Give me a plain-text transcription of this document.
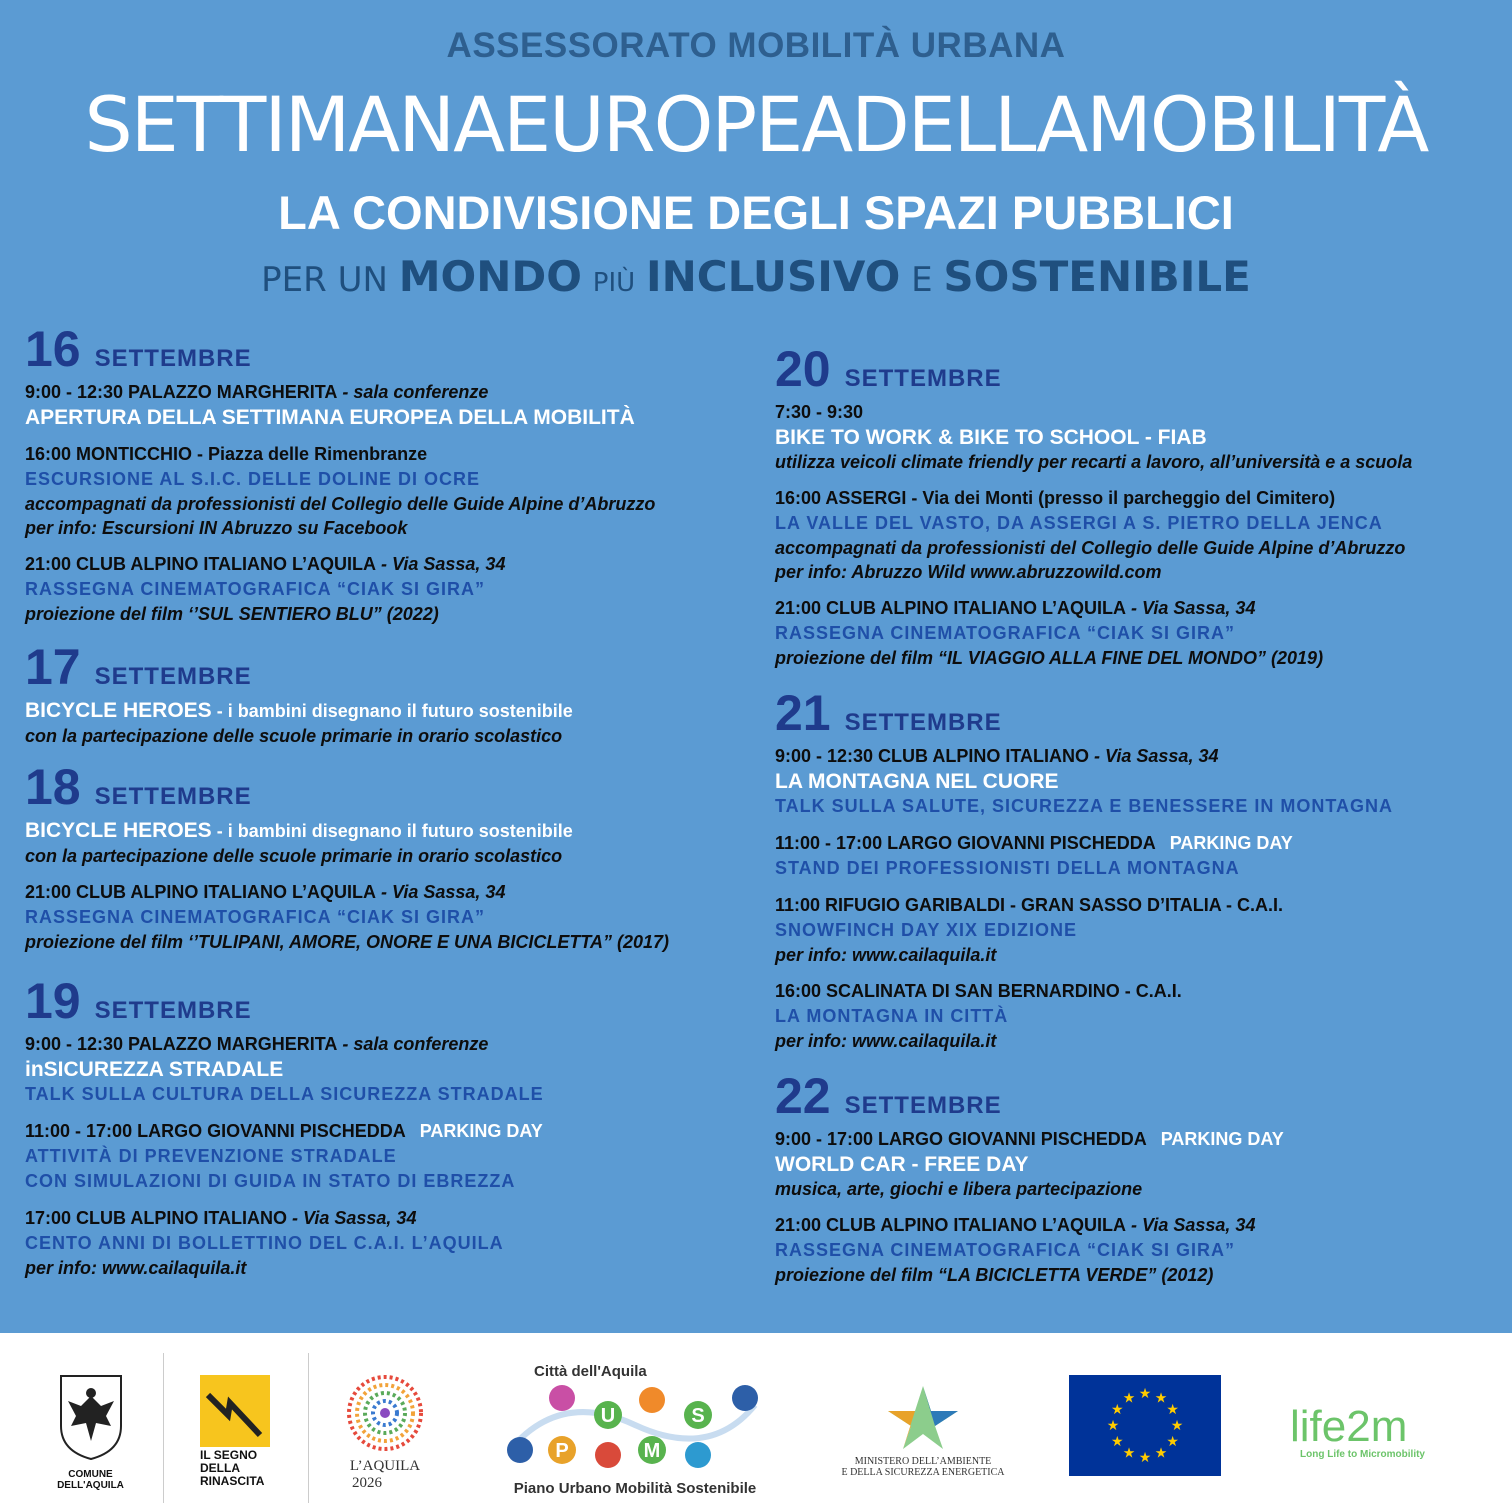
ASSESSORATO MOBILITÀ URBANA
SETTIMANAEUROPEADELLAMOBILITÀ
LA CONDIVISIONE DEGLI SPAZI PUBBLICI
PER UN MONDO PIÙ INCLUSIVO E SOSTENIBILE
16 SETTEMBRE
9:00 - 12:30 PALAZZO MARGHERITA - sala conferenze
APERTURA DELLA SETTIMANA EUROPEA DELLA MOBILITÀ
16:00 MONTICCHIO - Piazza delle Rimenbranze
ESCURSIONE AL S.I.C. DELLE DOLINE DI OCRE
accompagnati da professionisti del Collegio delle Guide Alpine d’Abruzzo
per info: Escursioni IN Abruzzo su Facebook
21:00 CLUB ALPINO ITALIANO L’AQUILA - Via Sassa, 34
RASSEGNA CINEMATOGRAFICA “CIAK SI GIRA”
proiezione del film ‘’SUL SENTIERO BLU” (2022)
17 SETTEMBRE
BICYCLE HEROES - i bambini disegnano il futuro sostenibile
con la partecipazione delle scuole primarie in orario scolastico
18 SETTEMBRE
BICYCLE HEROES - i bambini disegnano il futuro sostenibile
con la partecipazione delle scuole primarie in orario scolastico
21:00 CLUB ALPINO ITALIANO L’AQUILA - Via Sassa, 34
RASSEGNA CINEMATOGRAFICA “CIAK SI GIRA”
proiezione del film ‘’TULIPANI, AMORE, ONORE E UNA BICICLETTA” (2017)
19 SETTEMBRE
9:00 - 12:30 PALAZZO MARGHERITA - sala conferenze
inSICUREZZA STRADALE
TALK SULLA CULTURA DELLA SICUREZZA STRADALE
11:00 - 17:00 LARGO GIOVANNI PISCHEDDA PARKING DAY
ATTIVITÀ DI PREVENZIONE STRADALE
CON SIMULAZIONI DI GUIDA IN STATO DI EBREZZA
17:00 CLUB ALPINO ITALIANO - Via Sassa, 34
CENTO ANNI DI BOLLETTINO DEL C.A.I. L’AQUILA
per info: www.cailaquila.it
20 SETTEMBRE
7:30 - 9:30
BIKE TO WORK & BIKE TO SCHOOL - FIAB
utilizza veicoli climate friendly per recarti a lavoro, all’università e a scuola
16:00 ASSERGI - Via dei Monti (presso il parcheggio del Cimitero)
LA VALLE DEL VASTO, DA ASSERGI A S. PIETRO DELLA JENCA
accompagnati da professionisti del Collegio delle Guide Alpine d’Abruzzo
per info: Abruzzo Wild www.abruzzowild.com
21:00 CLUB ALPINO ITALIANO L’AQUILA - Via Sassa, 34
RASSEGNA CINEMATOGRAFICA “CIAK SI GIRA”
proiezione del film “IL VIAGGIO ALLA FINE DEL MONDO” (2019)
21 SETTEMBRE
9:00 - 12:30 CLUB ALPINO ITALIANO - Via Sassa, 34
LA MONTAGNA NEL CUORE
TALK SULLA SALUTE, SICUREZZA E BENESSERE IN MONTAGNA
11:00 - 17:00 LARGO GIOVANNI PISCHEDDA PARKING DAY
STAND DEI PROFESSIONISTI DELLA MONTAGNA
11:00 RIFUGIO GARIBALDI - GRAN SASSO D’ITALIA - C.A.I.
SNOWFINCH DAY XIX EDIZIONE
per info: www.cailaquila.it
16:00 SCALINATA DI SAN BERNARDINO - C.A.I.
LA MONTAGNA IN CITTÀ
per info: www.cailaquila.it
22 SETTEMBRE
9:00 - 17:00 LARGO GIOVANNI PISCHEDDA PARKING DAY
WORLD CAR - FREE DAY
musica, arte, giochi e libera partecipazione
21:00 CLUB ALPINO ITALIANO L’AQUILA - Via Sassa, 34
RASSEGNA CINEMATOGRAFICA “CIAK SI GIRA”
proiezione del film “LA BICICLETTA VERDE” (2012)
COMUNE DELL'AQUILA
IL SEGNO
DELLA
RINASCITA
L’AQUILA
2026
Città dell'Aquila
U	S
P	M
Piano Urbano Mobilità Sostenibile
MINISTERO DELL’AMBIENTE
E DELLA SICUREZZA ENERGETICA
★ ★
★
★
★
★
★
★
★
★
★
★
life2m
Long Life to Micromobility
